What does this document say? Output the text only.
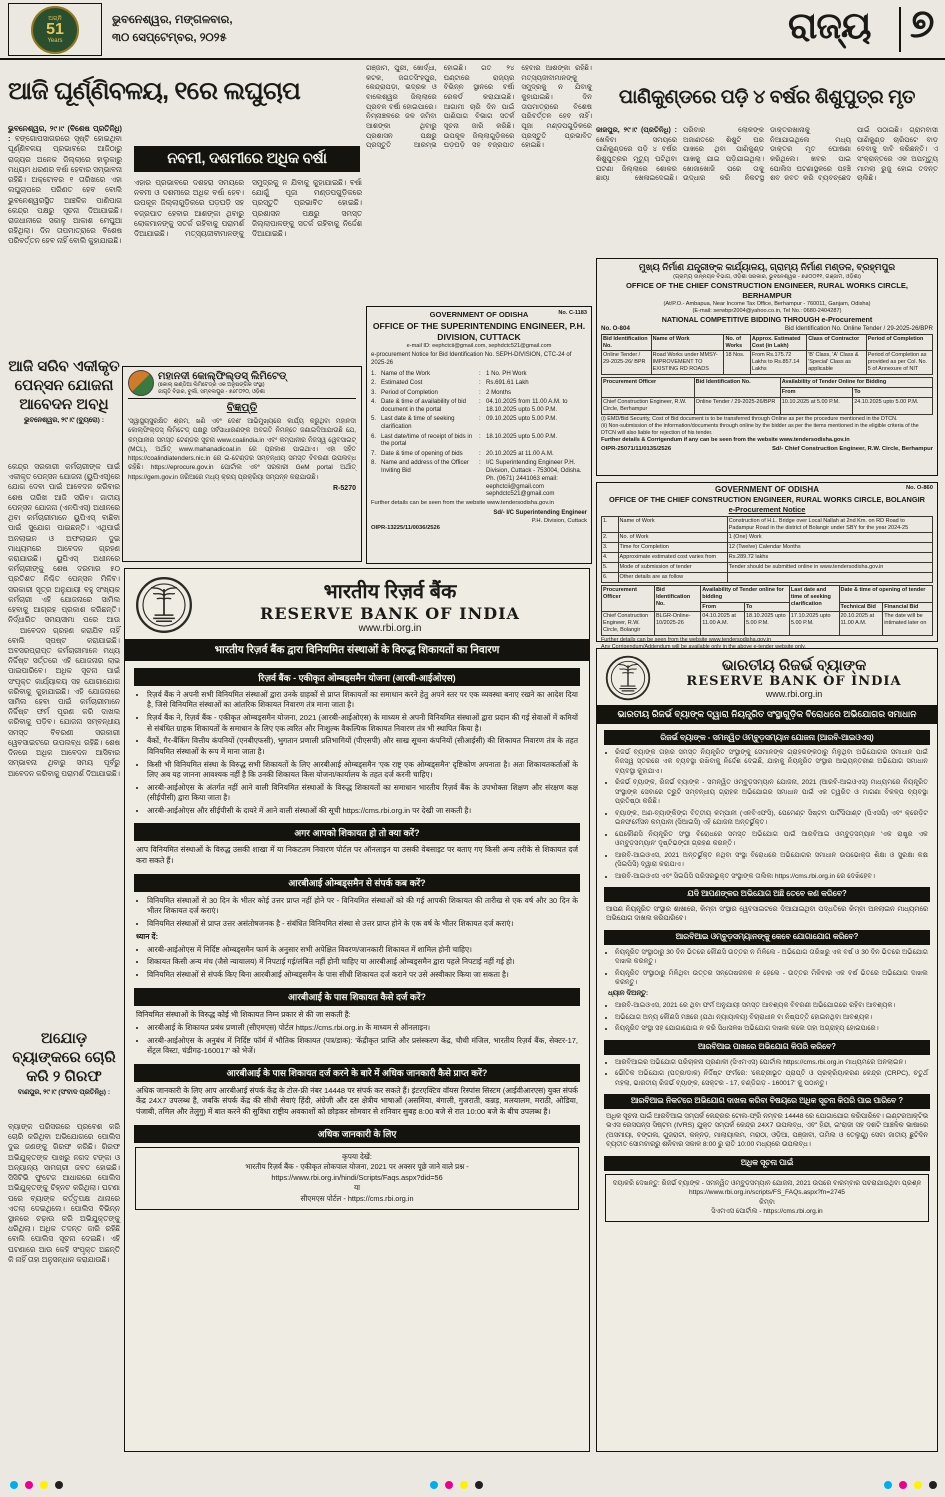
ଅଗ୍ନି
51
Years
ଭୁବନେଶ୍ୱର, ମଙ୍ଗଳବାର,
୩୦ ସେପ୍ଟେମ୍ବର, ୨୦୨୫	ରାଜ୍ୟ ୭
ଆଜି ଘୂର୍ଣ୍ଣିବଳୟ, ୧ରେ ଲଘୁଚାପ
ଭୁବନେଶ୍ୱର, ୨୯।୯ (ବିଶେଷ ପ୍ରତିନିଧି) : ବଙ୍ଗୋପସାଗରରେ ସୃଷ୍ଟି ହୋଇଥିବା ଘୂର୍ଣ୍ଣିବଳୟ ପ୍ରଭାବରେ ଆଜିଠାରୁ ରାଜ୍ୟର ଅନେକ ଜିଲ୍ଲାରେ ହାଲୁକାରୁ ମଧ୍ୟମ ଧରଣର ବର୍ଷା ହେବାର ସମ୍ଭାବନା ରହିଛି। ଅକ୍ଟୋବର ୧ ତାରିଖରେ ଏହା ଲଘୁଚାପରେ ପରିଣତ ହେବ ବୋଲି ଭୁବନେଶ୍ୱରସ୍ଥିତ ଆଞ୍ଚଳିକ ପାଣିପାଗ କେନ୍ଦ୍ର ପକ୍ଷରୁ ସୂଚନା ଦିଆଯାଇଛି। ରାଜଧାନୀରେ ସକାଳୁ ଆକାଶ ମେଘୁଆ ରହିଥିଲା। ଦିନ ତାପମାତ୍ରାରେ ବିଶେଷ ପରିବର୍ତ୍ତନ ହେବ ନାହିଁ ବୋଲି କୁହାଯାଇଛି।
ନବମୀ, ଦଶମୀରେ ଅଧିକ ବର୍ଷା
ଏହାର ପ୍ରଭାବରେ ଦଶହରା ସମୟରେ ନବମୀ ଓ ଦଶମୀରେ ଅଧିକ ବର୍ଷା ହେବ। ଉପକୂଳ ଜିଲ୍ଲାଗୁଡ଼ିକରେ ଘଡ଼ଘଡ଼ି ସହ ବଜ୍ରପାତ ହେବାର ଆଶଙ୍କା ଥିବାରୁ ଲୋକମାନଙ୍କୁ ସତର୍କ ରହିବାକୁ ପରାମର୍ଶ ଦିଆଯାଇଛି। ମତ୍ସ୍ୟଜୀବୀମାନଙ୍କୁ ସମୁଦ୍ରକୁ ନ ଯିବାକୁ କୁହାଯାଇଛି। ବର୍ଷା ଯୋଗୁଁ ପୂଜା ମଣ୍ଡପଗୁଡ଼ିକରେ ପ୍ରସ୍ତୁତି ପ୍ରଭାବିତ ହୋଇଛି। ପ୍ରଶାସନ ପକ୍ଷରୁ ସମସ୍ତ ଜିଲ୍ଲାପାଳଙ୍କୁ ସତର୍କ ରହିବାକୁ ନିର୍ଦ୍ଦେଶ ଦିଆଯାଇଛି।
ଗଞ୍ଜାମ, ପୁରୀ, ଖୋର୍ଦ୍ଧା, କଟକ, ଜଗତସିଂହପୁର, କେନ୍ଦ୍ରାପଡ଼ା, ଭଦ୍ରକ ଓ ବାଲେଶ୍ୱର ଜିଲ୍ଲାରେ ପ୍ରବଳ ବର୍ଷା ହୋଇପାରେ। ନିମ୍ନାଞ୍ଚଳରେ ଜଳ ଜମିବା ଆଶଙ୍କା ଥିବାରୁ ପ୍ରଶାସନ ପକ୍ଷରୁ ପ୍ରସ୍ତୁତି ଆରମ୍ଭ ହୋଇଛି। ଗତ ୨୪ ଘଣ୍ଟାରେ ରାଜ୍ୟର ବିଭିନ୍ନ ସ୍ଥାନରେ ବର୍ଷା ରେକର୍ଡ କରାଯାଇଛି। ଆଗାମୀ ଚାରି ଦିନ ପାଇଁ ପାଣିପାଗ ବିଭାଗ ସତର୍କ ସୂଚନା ଜାରି କରିଛି। ଉପକୂଳ ଜିଲ୍ଲାଗୁଡ଼ିକରେ ଘଡ଼ଘଡ଼ି ସହ ବଜ୍ରପାତ ହେବାର ଆଶଙ୍କା ରହିଛି। ମତ୍ସ୍ୟଜୀବୀମାନଙ୍କୁ ସମୁଦ୍ରକୁ ନ ଯିବାକୁ କୁହାଯାଇଛି। ଦିନ ତାପମାତ୍ରାରେ ବିଶେଷ ପରିବର୍ତ୍ତନ ହେବ ନାହିଁ। ପୂଜା ମଣ୍ଡପଗୁଡ଼ିକରେ ପ୍ରସ୍ତୁତି ପ୍ରଭାବିତ ହୋଇଛି।
ପାଣିକୁଣ୍ଡରେ ପଡ଼ି ୪ ବର୍ଷର ଶିଶୁପୁତ୍ର ମୃତ
ଜାଜପୁର, ୨୯।୯ (ପ୍ରତିନିଧି) : ଖେଳିବା ସମୟରେ ପାଣିକୁଣ୍ଡରେ ପଡ଼ି ୪ ବର୍ଷର ଶିଶୁପୁତ୍ରର ମୃତ୍ୟୁ ଘଟିଥିବା ଘଟଣା ଜିଲ୍ଲାରେ ଶୋକର ଛାୟା ଖେଳାଇଦେଇଛି। ପରିବାର ଲୋକଙ୍କ ଅଜାଣତରେ ଶିଶୁଟି ଘର ପାଖରେ ଥିବା ପାଣିକୁଣ୍ଡ ପାଖକୁ ଯାଇ ପଡ଼ିଯାଇଥିଲା। ଖୋଜାଖୋଜି ପରେ ତାକୁ ଉଦ୍ଧାର କରି ନିକଟସ୍ଥ ଡାକ୍ତରଖାନାକୁ ନିଆଯାଇଥିଲେ ମଧ୍ୟ ଡାକ୍ତର ମୃତ ଘୋଷଣା କରିଥିଲେ। ଖବର ପାଇ ପୋଲିସ ଘଟଣାସ୍ଥଳରେ ପହଞ୍ଚି ଶବ ଜବତ କରି ବ୍ୟବଚ୍ଛେଦ ପାଇଁ ପଠାଇଛି। ଗ୍ରାମବାସୀ ପାଣିକୁଣ୍ଡ ଚାରିପଟେ ବାଡ଼ ଦେବାକୁ ଦାବି କରିଛନ୍ତି। ଏ ସଂକ୍ରାନ୍ତରେ ଏକ ଅପମୃତ୍ୟୁ ମାମଲା ରୁଜୁ ହୋଇ ତଦନ୍ତ ଚାଲିଛି।
ମୁଖ୍ୟ ନିର୍ମାଣ ଯନ୍ତ୍ରୀଙ୍କ କାର୍ଯ୍ୟାଳୟ, ଗ୍ରାମ୍ୟ ନିର୍ମାଣ ମଣ୍ଡଳ, ବ୍ରହ୍ମପୁର
(ଗ୍ରାମ୍ୟ ଉନ୍ନୟନ ବିଭାଗ, ଓଡ଼ିଶା ସରକାର, ଭୁବନେଶ୍ୱର - ୭୬୦୦୧୧, ଗଞ୍ଜାମ, ଓଡ଼ିଶା)
OFFICE OF THE CHIEF CONSTRUCTION ENGINEER, RURAL WORKS CIRCLE, BERHAMPUR
(At/P.O.- Ambapua, Near Income Tax Office, Berhampur - 760011, Ganjam, Odisha)
(E-mail: serwbpr2004@yahoo.co.in, Tel No.: 0680-2404287)
NATIONAL COMPETITIVE BIDDING THROUGH e-Procurement
No. O-804	Bid Identification No. Online Tender / 29-2025-26/BPR
Bid Identification No.	Name of Work	No. of Works	Approx. Estimated Cost (in Lakh)	Class of Contractor	Period of Completion
Online Tender / 29-2025-26/ BPR	Road Works under MMSY- IMPROVEMENT TO EXISTING RD ROADS	18 Nos.	From Rs.175.72 Lakhs to Rs.857.14 Lakhs	'B' Class, 'A' Class & 'Special' Class as applicable	Period of Completion as provided as per Col. No. 5 of Annexure of NIT
Procurement Officer	Bid Identification No.	Availability of Tender Online for Bidding	
		From	To
Chief Construction Engineer, R.W. Circle, Berhampur	Online Tender / 29-2025-26/BPR	10.10.2025 at 5.00 P.M.	24.10.2025 upto 5.00 P.M.
(i) EMD/Bid Security, Cost of Bid document is to be transferred through Online as per the procedure mentioned in the DTCN.
(ii) Non-submission of the information/documents through online by the bidder as per the items mentioned in the eligible criteria of the DTCN will also liable for rejection of his tender.
Further details & Corrigendum if any can be seen from the website www.tendersodisha.gov.in
OIPR-25071/11/0135/2526	Sd/- Chief Construction Engineer, R.W. Circle, Berhampur
GOVERNMENT OF ODISHA	No. O-860
OFFICE OF THE CHIEF CONSTRUCTION ENGINEER, RURAL WORKS CIRCLE, BOLANGIR
e-Procurement Notice
1.	Name of Work	Construction of H.L. Bridge over Local Nallah at 2nd Km. on RD Road to Padampur Road in the district of Bolangir under SBY for the year 2024-25
2.	No. of Work	1 (One) Work
3.	Time for Completion	12 (Twelve) Calendar Months
4.	Approximate estimated cost varies from	Rs.289.72 lakhs
5.	Mode of submission of tender	Tender should be submitted online in www.tendersodisha.gov.in
6.	Other details are as follow	
Procurement Officer	Bid Identification No.	Availability of Tender online for bidding		Last date and time of seeking clarification	Date & time of opening of tender	
		From	To		Technical Bid	Financial Bid
Chief Construction Engineer, R.W. Circle, Bolangir	BLGR-Online-10/2025-26	04.10.2025 at 11.00 A.M.	18.10.2025 upto 5.00 P.M.	17.10.2025 upto 5.00 P.M.	20.10.2025 at 11.00 A.M.	The date will be intimated later on
Further details can be seen from the website www.tendersodisha.gov.in
GOVERNMENT OF ODISHA	No. C-1183
OFFICE OF THE SUPERINTENDING ENGINEER, P.H. DIVISION, CUTTACK
e-mail ID: eephctcii@gmail.com, sephdctc521@gmail.com
e-procurement Notice for Bid Identification No. SEPH-DIVISION, CTC-24 of 2025-26
1. Name of the Work :	1 No. PH Work
2. Estimated Cost :	Rs.691.61 Lakh
3. Period of Completion :	2 Months
4. Date & time of availability of bid document in the portal
:
04.10.2025 from 11.00 A.M. to 18.10.2025 upto 5.00 P.M.
5. Last date & time of seeking clarification
:
09.10.2025 upto 5.00 P.M.
6. Last date/time of receipt of bids in the portal
:
18.10.2025 upto 5.00 P.M.
7. Date & time of opening of bids :	20.10.2025 at 11.00 A.M.
8. Name and address of the Officer Inviting Bid
:
I/C Superintending Engineer P.H. Division, Cuttack - 753004, Odisha. Ph. (0671) 2441063 email: eephctcii@gmail.com sephdctc521@gmail.com
Further details can be seen from the website www.tendersodisha.gov.in
Sd/- I/C Superintending Engineer
P.H. Division, Cuttack
OIPR-13225/11/0036/2526
ମହାନଦୀ କୋଲ୍‌ଫିଲ୍ଡସ୍ ଲିମିଟେଡ୍
(କୋଲ୍ ଇଣ୍ଡିଆ ଲିମିଟେଡ୍‌ର ଏକ ଅନୁଷଙ୍ଗିକ ସଂସ୍ଥା)
ଜାଗୃତି ବିହାର, ବୁର୍ଲା, ସମ୍ବଲପୁର - ୭୬୮୦୨୦, ଓଡ଼ିଶା
ବିଜ୍ଞପ୍ତି
'ସ୍ୱାସ୍ଥ୍ୟସୁରକ୍ଷିତ ଶ୍ରମ, ଖଣି ଏବଂ ଦେଶ' ଆଭିମୁଖ୍ୟରେ କାର୍ଯ୍ୟ କରୁଥିବା ମହାନଦୀ କୋଲ୍‌ଫିଲ୍ଡସ୍ ଲିମିଟେଡ୍ ପକ୍ଷରୁ ସର୍ବସାଧାରଣଙ୍କ ଅବଗତି ନିମନ୍ତେ ଜଣାଇଦିଆଯାଉଛି ଯେ, କମ୍ପାନୀର ସମସ୍ତ ଟେଣ୍ଡର ସୂଚନା www.coalindia.in ଏବଂ କମ୍ପାନୀର ନିଜସ୍ୱ ୱେବସାଇଟ୍ (MCL), ଅର୍ଥାତ୍ www.mahanadicoal.in ରେ ପ୍ରକାଶ ପାଇଥାଏ। ଏହା ସହିତ https://coalindiatenders.nic.in ରେ ଇ-ଟେଣ୍ଡର ସମ୍ବନ୍ଧୀୟ ସମସ୍ତ ବିବରଣୀ ଉପଲବ୍ଧ ରହିଛି। https://eprocure.gov.in ପୋର୍ଟାଲ ଏବଂ ସରକାରୀ GeM portal ଅର୍ଥାତ୍ https://gem.gov.in ଜରିଆରେ ମଧ୍ୟ କ୍ରୟ ପ୍ରକ୍ରିୟା ସମ୍ପନ୍ନ କରାଯାଉଛି।
R-5270
ଆଜି ସରିବ ଏକୀକୃତ ପେନ୍ସନ ଯୋଜନା ଆବେଦନ ଅବଧି
ଭୁବନେଶ୍ୱର, ୨୯।୯ (ବ୍ୟୁରୋ) :
କେନ୍ଦ୍ର ସରକାରୀ କର୍ମଚାରୀଙ୍କ ପାଇଁ ଏକୀକୃତ ପେନ୍ସନ ଯୋଜନା (ୟୁପିଏସ୍)ରେ ଯୋଗ ଦେବା ପାଇଁ ଆବେଦନ କରିବାର ଶେଷ ତାରିଖ ଆଜି ସରିବ। ଜାତୀୟ ପେନ୍ସନ ଯୋଜନା (ଏନପିଏସ୍) ଅଧୀନରେ ଥିବା କର୍ମଚାରୀମାନେ ୟୁପିଏସ୍ ବାଛିବା ପାଇଁ ସୁଯୋଗ ପାଇଛନ୍ତି। ଏଥିପାଇଁ ଅନଲାଇନ ଓ ଅଫଲାଇନ ଦୁଇ ମାଧ୍ୟମରେ ଆବେଦନ ଗ୍ରହଣ କରାଯାଉଛି। ୟୁପିଏସ୍ ଅଧୀନରେ କର୍ମଚାରୀଙ୍କୁ ଶେଷ ଦରମାର ୫୦ ପ୍ରତିଶତ ନିଶ୍ଚିତ ପେନ୍ସନ ମିଳିବ। ସରକାରୀ ସୂତ୍ର ଅନୁଯାୟୀ ବହୁ ସଂଖ୍ୟକ କର୍ମଚାରୀ ଏହି ଯୋଜନାରେ ସାମିଲ ହେବାକୁ ଆଗ୍ରହ ପ୍ରକାଶ କରିଛନ୍ତି। ନିର୍ଦ୍ଧାରିତ ସମୟସୀମା ପରେ ଆଉ 　ଆବେଦନ ଗ୍ରହଣ କରାଯିବ ନାହିଁ ବୋଲି ସ୍ପଷ୍ଟ କରାଯାଇଛି। ଅବସରପ୍ରାପ୍ତ କର୍ମଚାରୀମାନେ ମଧ୍ୟ ନିର୍ଦ୍ଦିଷ୍ଟ ସର୍ତ୍ତରେ ଏହି ଯୋଜନାର ଲାଭ ପାଇପାରିବେ। ଅଧିକ ସୂଚନା ପାଇଁ ସଂପୃକ୍ତ କାର୍ଯ୍ୟାଳୟ ସହ ଯୋଗାଯୋଗ କରିବାକୁ କୁହାଯାଇଛି। ଏହି ଯୋଜନାରେ ସାମିଲ ହେବା ପାଇଁ କର୍ମଚାରୀମାନେ ନିର୍ଦ୍ଦିଷ୍ଟ ଫର୍ମ ପୂରଣ କରି ଦାଖଲ କରିବାକୁ ପଡ଼ିବ। ଯୋଜନା ସମ୍ବନ୍ଧୀୟ ସମସ୍ତ ବିବରଣୀ ସରକାରୀ ୱେବସାଇଟରେ ଉପଲବ୍ଧ ରହିଛି। ଶେଷ ଦିନରେ ଅଧିକ ଆବେଦନ ଆସିବାର ସମ୍ଭାବନା ଥିବାରୁ ସମୟ ପୂର୍ବରୁ ଆବେଦନ କରିବାକୁ ପରାମର୍ଶ ଦିଆଯାଇଛି।
ଅଯୋଡ଼ ବ୍ୟାଙ୍କରେ ଚୋରି କରି ୨ ଗିରଫ
ବାଣପୁର, ୨୯।୯ (ସଂବାଦ ପ୍ରତିନିଧି) :
ବ୍ୟାଙ୍କ ପରିସରରେ ପ୍ରବେଶ କରି ଚୋରି କରିଥିବା ଅଭିଯୋଗରେ ପୋଲିସ ଦୁଇ ଜଣଙ୍କୁ ଗିରଫ କରିଛି। ଗିରଫ ଅଭିଯୁକ୍ତଙ୍କ ପାଖରୁ ନଗଦ ଟଙ୍କା ଓ ଅନ୍ୟାନ୍ୟ ସାମଗ୍ରୀ ଜବତ ହୋଇଛି। ସିସିଟିଭି ଫୁଟେଜ ଆଧାରରେ ପୋଲିସ ଅଭିଯୁକ୍ତଙ୍କୁ ଚିହ୍ନଟ କରିଥିଲା। ଘଟଣା ପରେ ବ୍ୟାଙ୍କ କର୍ତ୍ତୃପକ୍ଷ ଥାନାରେ ଏତଲା ଦେଇଥିଲେ। ପୋଲିସ ବିଭିନ୍ନ ସ୍ଥାନରେ ଚଢ଼ାଉ କରି ଅଭିଯୁକ୍ତଙ୍କୁ ଧରିଥିଲା। ଅଧିକ ତଦନ୍ତ ଜାରି ରହିଛି ବୋଲି ପୋଲିସ ସୂଚନା ଦେଇଛି। ଏହି ଘଟଣାରେ ଆଉ କେହି ସଂପୃକ୍ତ ଅଛନ୍ତି କି ନାହିଁ ତାହା ଅନୁସନ୍ଧାନ କରାଯାଉଛି।
भारतीय रिज़र्व बैंक
RESERVE BANK OF INDIA
www.rbi.org.in
भारतीय रिज़र्व बैंक द्वारा विनियमित संस्थाओं के विरुद्ध शिकायतों का निवारण
रिज़र्व बैंक - एकीकृत ओम्बड्समैन योजना (आरबी-आईओएस)
• रिज़र्व बैंक ने अपनी सभी विनियमित संस्थाओं द्वारा उनके ग्राहकों से प्राप्त शिकायतों का समाधान करने हेतु अपने स्तर पर एक व्यवस्था बनाए रखने का आदेश दिया है, जिसे विनियमित संस्थाओं का आंतरिक शिकायत निवारण तंत्र माना जाता है।
• रिज़र्व बैंक ने, रिज़र्व बैंक - एकीकृत ओम्बड्समैन योजना, 2021 (आरबी-आईओएस) के माध्यम से अपनी विनियमित संस्थाओं द्वारा प्रदान की गई सेवाओं में कमियों से संबंधित ग्राहक शिकायतों के समाधान के लिए एक त्वरित और निःशुल्क वैकल्पिक शिकायत निवारण तंत्र भी स्थापित किया है।
• बैंकों, गैर-बैंकिंग वित्तीय कंपनियों (एनबीएफसी), भुगतान प्रणाली प्रतिभागियों (पीएसपी) और साख सूचना कंपनियों (सीआईसी) की शिकायत निवारण तंत्र के तहत विनियमित संस्थाओं के रूप में माना जाता है।
• किसी भी विनियमित संस्था के विरुद्ध सभी शिकायतों के लिए आरबीआई ओम्बड्समैन 'एक राष्ट्र एक ओम्बड्समैन' दृष्टिकोण अपनाता है। अतः शिकायतकर्ताओं के लिए अब यह जानना आवश्यक नहीं है कि उनकी शिकायत किस योजना/कार्यालय के तहत दर्ज करनी चाहिए।
• आरबी-आईओएस के अंतर्गत नहीं आने वाली विनियमित संस्थाओं के विरुद्ध शिकायतों का समाधान भारतीय रिज़र्व बैंक के उपभोक्ता शिक्षण और संरक्षण कक्ष (सीईपीसी) द्वारा किया जाता है।
• आरबी-आईओएस और सीईपीसी के दायरे में आने वाली संस्थाओं की सूची https://cms.rbi.org.in पर देखी जा सकती है।
अगर आपको शिकायत हो तो क्या करें?
आप विनियमित संस्थाओं के विरुद्ध उसकी शाखा में या निकटतम निवारण पोर्टल पर ऑनलाइन या उसकी वेबसाइट पर बताए गए किसी अन्य तरीके से शिकायत दर्ज करा सकते हैं।
आरबीआई ओम्बड्समैन से संपर्क कब करें?
• विनियमित संस्थाओं से 30 दिन के भीतर कोई उत्तर प्राप्त नहीं होने पर - विनियमित संस्थाओं को की गई आपकी शिकायत की तारीख से एक वर्ष और 30 दिन के भीतर शिकायत दर्ज कराएं।
• विनियमित संस्थाओं से प्राप्त उत्तर असंतोषजनक है - संबंधित विनियमित संस्था से उत्तर प्राप्त होने के एक वर्ष के भीतर शिकायत दर्ज कराएं।
ध्यान दें:
• आरबी-आईओएस में निर्दिष्ट ओम्बड्समैन फार्म के अनुसार सभी अपेक्षित विवरण/जानकारी शिकायत में शामिल होनी चाहिए।
• शिकायत किसी अन्य मंच (जैसे न्यायालय) में निपटाई गई/लंबित नहीं होनी चाहिए या आरबीआई ओम्बड्समैन द्वारा पहले निपटाई नहीं गई हो।
• विनियमित संस्थाओं से संपर्क किए बिना आरबीआई ओम्बड्समैन के पास सीधी शिकायत दर्ज कराने पर उसे अस्वीकार किया जा सकता है।
आरबीआई के पास शिकायत कैसे दर्ज करें?
विनियमित संस्थाओं के विरुद्ध कोई भी शिकायत निम्न प्रकार से की जा सकती है:
• आरबीआई के शिकायत प्रबंध प्रणाली (सीएमएस) पोर्टल https://cms.rbi.org.in के माध्यम से ऑनलाइन।
• आरबी-आईओएस के अनुबंध में निर्दिष्ट फॉर्म में भौतिक शिकायत (पत्र/डाक): 'केंद्रीकृत प्राप्ति और प्रसंस्करण केंद्र, चौथी मंजिल, भारतीय रिज़र्व बैंक, सेक्टर-17, सेंट्रल विस्टा, चंडीगढ़-160017' को भेजें।
आरबीआई के पास शिकायत दर्ज करने के बारे में अधिक जानकारी कैसे प्राप्त करें?
अधिक जानकारी के लिए आप आरबीआई संपर्क केंद्र के टोल-फ्री नंबर 14448 पर संपर्क कर सकते हैं। इंटरएक्टिव वॉयस रिस्पांस सिस्टम (आईवीआरएस) युक्त संपर्क केंद्र 24X7 उपलब्ध है, जबकि संपर्क केंद्र की सीधी सेवाएं हिंदी, अंग्रेजी और दस क्षेत्रीय भाषाओं (असमिया, बंगाली, गुजराती, कन्नड़, मलयालम, मराठी, ओडिया, पंजाबी, तमिल और तेलुगु) में बात करने की सुविधा राष्ट्रीय अवकाशों को छोड़कर सोमवार से शनिवार सुबह 8:00 बजे से रात 10:00 बजे के बीच उपलब्ध है।
अधिक जानकारी के लिए
कृपया देखें:
भारतीय रिज़र्व बैंक - एकीकृत लोकपाल योजना, 2021 पर अक्सर पूछे जाने वाले प्रश्न -
https://www.rbi.org.in/hindi/Scripts/Faqs.aspx?did=56
या
सीएमएस पोर्टल - https://cms.rbi.org.in
ଭାରତୀୟ ରିଜର୍ଭ ବ୍ୟାଙ୍କ
RESERVE BANK OF INDIA
www.rbi.org.in
ଭାରତୀୟ ରିଜର୍ଭ ବ୍ୟାଙ୍କ ଦ୍ୱାରା ନିୟନ୍ତ୍ରିତ ସଂସ୍ଥାଗୁଡ଼ିକ ବିରୋଧରେ ଅଭିଯୋଗର ସମାଧାନ
ରିଜର୍ଭ ବ୍ୟାଙ୍କ - ସମନ୍ୱିତ ଓମ୍ବୁଡ଼ସମ୍ୟାନ ଯୋଜନା (ଆରବି-ଆଇଓଏସ୍)
• ରିଜର୍ଭ ବ୍ୟାଙ୍କ ତାହାର ସମସ୍ତ ନିୟନ୍ତ୍ରିତ ସଂସ୍ଥାଙ୍କୁ ସେମାନଙ୍କ ଗ୍ରାହକଙ୍କଠାରୁ ମିଳୁଥିବା ଅଭିଯୋଗର ସମାଧାନ ପାଇଁ ନିଜସ୍ୱ ସ୍ତରରେ ଏକ ବ୍ୟବସ୍ଥା ରଖିବାକୁ ନିର୍ଦ୍ଦେଶ ଦେଇଛି, ଯାହାକୁ ନିୟନ୍ତ୍ରିତ ସଂସ୍ଥାର ଆଭ୍ୟନ୍ତରୀଣ ଅଭିଯୋଗ ସମାଧାନ ବ୍ୟବସ୍ଥା କୁହାଯାଏ।
• ରିଜର୍ଭ ବ୍ୟାଙ୍କ, ରିଜର୍ଭ ବ୍ୟାଙ୍କ - ସମନ୍ୱିତ ଓମ୍ବୁଡ଼ସମ୍ୟାନ ଯୋଜନା, 2021 (ଆରବି-ଆଇଓଏସ୍) ମାଧ୍ୟମରେ ନିୟନ୍ତ୍ରିତ ସଂସ୍ଥାଙ୍କ ସେବାରେ ତ୍ରୁଟି ସମ୍ବନ୍ଧୀୟ ଗ୍ରାହକ ଅଭିଯୋଗର ସମାଧାନ ପାଇଁ ଏକ ତ୍ୱରିତ ଓ ମାଗଣା ବିକଳ୍ପ ବ୍ୟବସ୍ଥା ପ୍ରତିଷ୍ଠା କରିଛି।
• ବ୍ୟାଙ୍କ, ଅଣ-ବ୍ୟାଙ୍କିଙ୍ଗ ବିତ୍ତୀୟ କମ୍ପାନୀ (ଏନବିଏଫସି), ପେମେଣ୍ଟ ସିଷ୍ଟମ ପାର୍ଟିସିପାଣ୍ଟ (ପିଏସପି) ଏବଂ କ୍ରେଡ଼ିଟ ଇନଫର୍ମେସନ କମ୍ପାନୀ (ସିଆଇସି) ଏହି ଯୋଜନା ଅନ୍ତର୍ଭୁକ୍ତ।
• ଯେକୌଣସି ନିୟନ୍ତ୍ରିତ ସଂସ୍ଥା ବିରୋଧରେ ସମସ୍ତ ଅଭିଯୋଗ ପାଇଁ ଆରବିଆଇ ଓମ୍ବୁଡ଼ସମ୍ୟାନ 'ଏକ ରାଷ୍ଟ୍ର ଏକ ଓମ୍ବୁଡ଼ସମ୍ୟାନ' ଦୃଷ୍ଟିଭଙ୍ଗୀ ଗ୍ରହଣ କରନ୍ତି।
• ଆରବି-ଆଇଓଏସ, 2021 ଅନ୍ତର୍ଭୁକ୍ତ ନଥିବା ସଂସ୍ଥା ବିରୋଧରେ ଅଭିଯୋଗର ସମାଧାନ ଉପଭୋକ୍ତା ଶିକ୍ଷା ଓ ସୁରକ୍ଷା କକ୍ଷ (ସିଇପିସି) ଦ୍ୱାରା କରାଯାଏ।
• ଆରବି-ଆଇଓଏସ ଏବଂ ସିଇପିସି ପରିସରଭୁକ୍ତ ସଂସ୍ଥାଙ୍କ ତାଲିକା https://cms.rbi.org.in ରେ ଦେଖିହେବ।
ଯଦି ଆପଣଙ୍କର ଅଭିଯୋଗ ଅଛି ତେବେ କଣ କରିବେ?
ଆପଣ ନିୟନ୍ତ୍ରିତ ସଂସ୍ଥାର ଶାଖାରେ, କିମ୍ବା ସଂସ୍ଥାର ୱେବସାଇଟରେ ଦିଆଯାଇଥିବା ପଦ୍ଧତିରେ କିମ୍ବା ଅନଲାଇନ ମାଧ୍ୟମରେ ଅଭିଯୋଗ ଦାଖଲ କରିପାରିବେ।
ଆରବିଆଇ ଓମ୍ବୁଡ଼ସମ୍ୟାନଙ୍କୁ କେବେ ଯୋଗାଯୋଗ କରିବେ?
• ନିୟନ୍ତ୍ରିତ ସଂସ୍ଥାଠାରୁ 30 ଦିନ ଭିତରେ କୌଣସି ଉତ୍ତର ନ ମିଳିଲେ - ଅଭିଯୋଗ ତାରିଖରୁ ଏକ ବର୍ଷ ଓ 30 ଦିନ ଭିତରେ ଅଭିଯୋଗ ଦାଖଲ କରନ୍ତୁ।
• ନିୟନ୍ତ୍ରିତ ସଂସ୍ଥାଠାରୁ ମିଳିଥିବା ଉତ୍ତର ସନ୍ତୋଷଜନକ ନ ହେଲେ - ଉତ୍ତର ମିଳିବାର ଏକ ବର୍ଷ ଭିତରେ ଅଭିଯୋଗ ଦାଖଲ କରନ୍ତୁ।
ଧ୍ୟାନ ଦିଅନ୍ତୁ:
• ଆରବି-ଆଇଓଏସ, 2021 ରେ ଥିବା ଫର୍ମ ଅନୁଯାୟୀ ସମସ୍ତ ଆବଶ୍ୟକ ବିବରଣୀ ଅଭିଯୋଗରେ ରହିବା ଆବଶ୍ୟକ।
• ଅଭିଯୋଗ ଅନ୍ୟ କୌଣସି ମଞ୍ଚରେ (ଯଥା ନ୍ୟାୟାଳୟ) ବିଚାରାଧୀନ ବା ନିଷ୍ପତ୍ତି ହୋଇନଥିବା ଆବଶ୍ୟକ।
• ନିୟନ୍ତ୍ରିତ ସଂସ୍ଥା ସହ ଯୋଗାଯୋଗ ନ କରି ସିଧାସଳଖ ଅଭିଯୋଗ ଦାଖଲ କଲେ ତାହା ଅଗ୍ରାହ୍ୟ ହୋଇପାରେ।
ଆରବିଆଇ ପାଖରେ ଅଭିଯୋଗ କିପରି କରିବେ?
• ଆରବିଆଇର ଅଭିଯୋଗ ପରିଚାଳନା ପ୍ରଣାଳୀ (ସିଏମଏସ) ପୋର୍ଟାଲ https://cms.rbi.org.in ମାଧ୍ୟମରେ ଅନଲାଇନ।
• ଭୌତିକ ଅଭିଯୋଗ (ପତ୍ର/ଡାକ) ନିର୍ଦ୍ଦିଷ୍ଟ ଫର୍ମରେ: 'କେନ୍ଦ୍ରୀଭୂତ ପ୍ରାପ୍ତି ଓ ପ୍ରକ୍ରିୟାକରଣ କେନ୍ଦ୍ର (CRPC), ଚତୁର୍ଥ ମହଲା, ଭାରତୀୟ ରିଜର୍ଭ ବ୍ୟାଙ୍କ, ସେକ୍ଟର - 17, ଚଣ୍ଡିଗଡ଼ - 160017' କୁ ପଠାନ୍ତୁ।
ଆରବିଆଇ ନିକଟରେ ଅଭିଯୋଗ ଦାଖଲ କରିବା ବିଷୟରେ ଅଧିକ ସୂଚନା କିପରି ପାଇ ପାରିବେ ?
ଅଧିକ ସୂଚନା ପାଇଁ ଆରବିଆଇ ସମ୍ପର୍କ କେନ୍ଦ୍ରର ଟୋଲ-ଫ୍ରି ନମ୍ବର 14448 ରେ ଯୋଗାଯୋଗ କରିପାରିବେ। ଇଣ୍ଟରଆକ୍ଟିଭ ଭଏସ ରେସପନ୍ସ ସିଷ୍ଟମ (IVRS) ଯୁକ୍ତ ସମ୍ପର୍କ କେନ୍ଦ୍ର 24X7 ଉପଲବ୍ଧ, ଏବଂ ହିନ୍ଦୀ, ଇଂରାଜୀ ସହ ଦଶଟି ଆଞ୍ଚଳିକ ଭାଷାରେ (ଅସମୀୟା, ବଙ୍ଗଳା, ଗୁଜରାଟୀ, କନ୍ନଡ଼, ମାଲାୟାଲମ, ମରାଠୀ, ଓଡ଼ିଆ, ପଞ୍ଜାବୀ, ତାମିଲ ଓ ତେଲୁଗୁ) ସେବା ଜାତୀୟ ଛୁଟିଦିନ ବ୍ୟତୀତ ସୋମବାରରୁ ଶନିବାର ସକାଳ 8:00 ରୁ ରାତି 10:00 ମଧ୍ୟରେ ଉପଲବ୍ଧ।
ଅଧିକ ସୂଚନା ପାଇଁ
ଦୟାକରି ଦେଖନ୍ତୁ: ରିଜର୍ଭ ବ୍ୟାଙ୍କ - ସମନ୍ୱିତ ଓମ୍ବୁଡ଼ସମ୍ୟାନ ଯୋଜନା, 2021 ଉପରେ ବାରମ୍ବାର ପଚରାଯାଉଥିବା ପ୍ରଶ୍ନ
https://www.rbi.org.in/scripts/FS_FAQs.aspx?fn=2745
କିମ୍ବା
ସିଏମଏସ ପୋର୍ଟାଲ - https://cms.rbi.org.in
